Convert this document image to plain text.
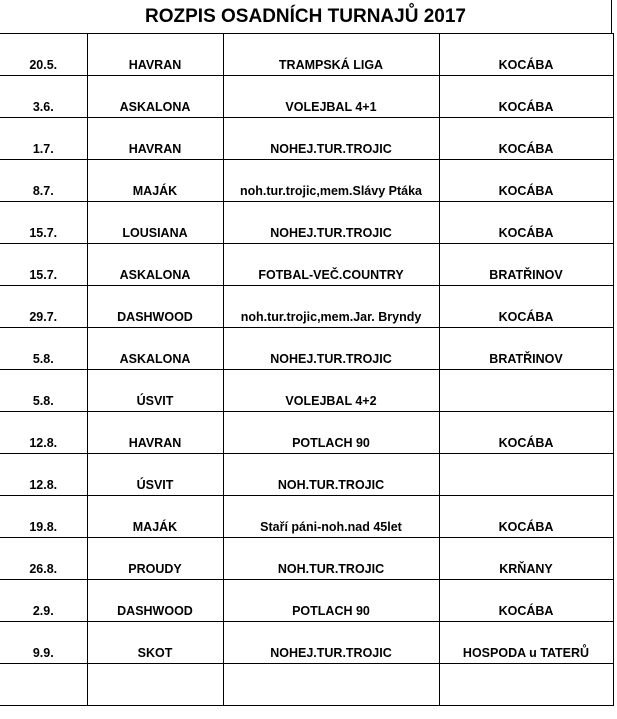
ROZPIS OSADNÍCH TURNAJŮ 2017
20.5.	HAVRAN	TRAMPSKÁ LIGA	KOCÁBA
3.6.	ASKALONA	VOLEJBAL 4+1	KOCÁBA
1.7.	HAVRAN	NOHEJ.TUR.TROJIC	KOCÁBA
8.7.	MAJÁK	noh.tur.trojic,mem.Slávy Ptáka	KOCÁBA
15.7.	LOUSIANA	NOHEJ.TUR.TROJIC	KOCÁBA
15.7.	ASKALONA	FOTBAL-VEČ.COUNTRY	BRATŘINOV
29.7.	DASHWOOD	noh.tur.trojic,mem.Jar. Bryndy	KOCÁBA
5.8.	ASKALONA	NOHEJ.TUR.TROJIC	BRATŘINOV
5.8.	ÚSVIT	VOLEJBAL 4+2	
12.8.	HAVRAN	POTLACH 90	KOCÁBA
12.8.	ÚSVIT	NOH.TUR.TROJIC	
19.8.	MAJÁK	Staří páni-noh.nad 45let	KOCÁBA
26.8.	PROUDY	NOH.TUR.TROJIC	KRŇANY
2.9.	DASHWOOD	POTLACH 90	KOCÁBA
9.9.	SKOT	NOHEJ.TUR.TROJIC	HOSPODA u TATERŮ
